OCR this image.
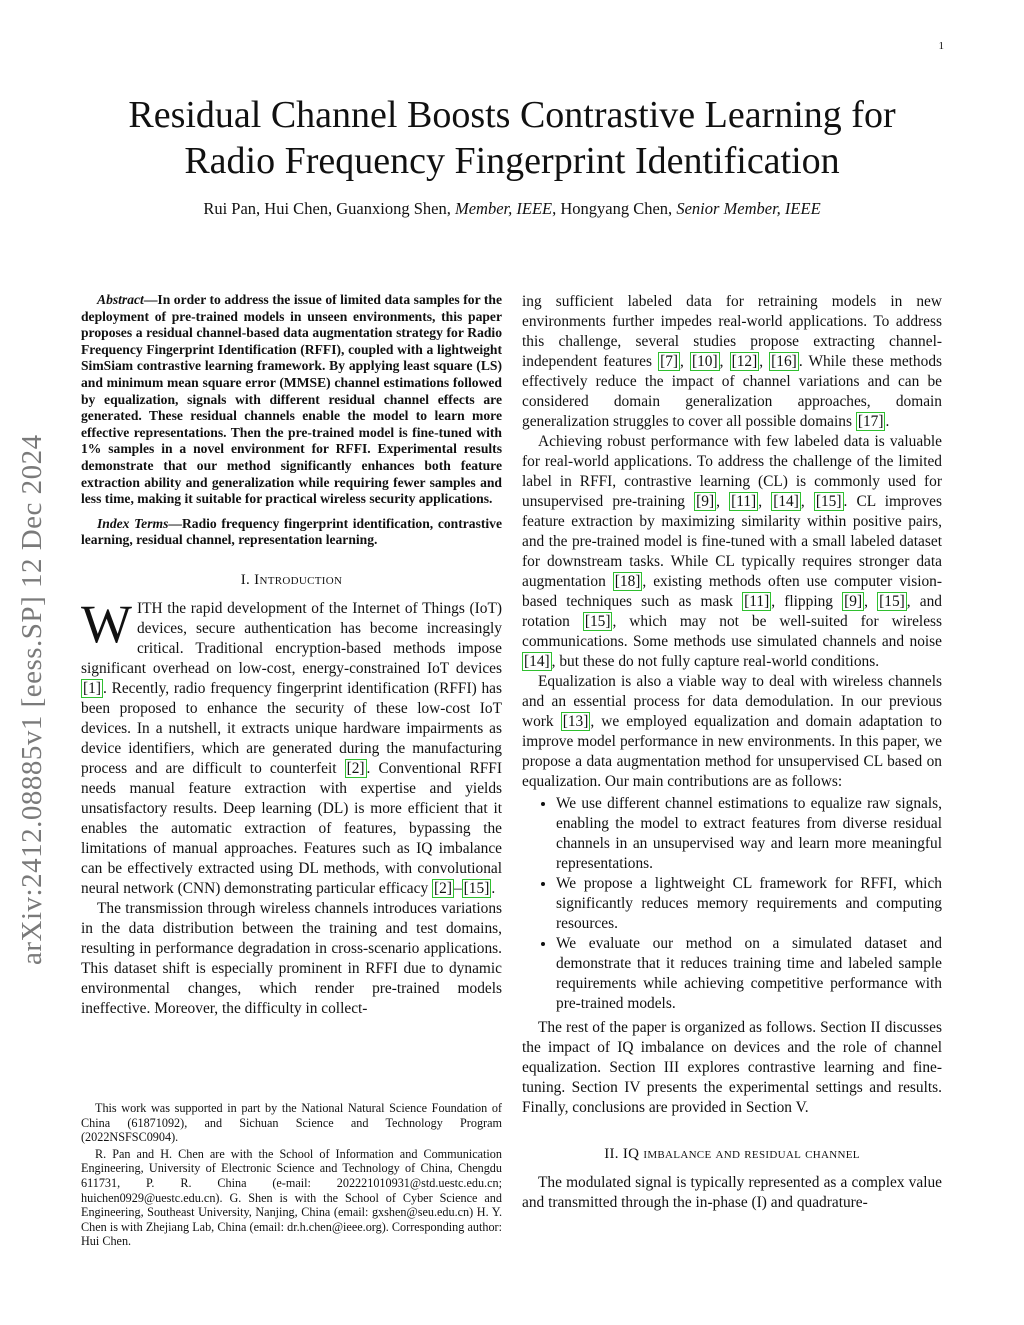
1
arXiv:2412.08885v1 [eess.SP] 12 Dec 2024
Residual Channel Boosts Contrastive Learning for
Radio Frequency Fingerprint Identification
Rui Pan, Hui Chen, Guanxiong Shen, Member, IEEE, Hongyang Chen, Senior Member, IEEE

Abstract—In order to address the issue of limited data samples for the deployment of pre-trained models in unseen environments, this paper proposes a residual channel-based data augmentation strategy for Radio Frequency Fingerprint Identification (RFFI), coupled with a lightweight SimSiam contrastive learning framework. By applying least square (LS) and minimum mean square error (MMSE) channel estimations followed by equalization, signals with different residual channel effects are generated. These residual channels enable the model to learn more effective representations. Then the pre-trained model is fine-tuned with 1% samples in a novel environment for RFFI. Experimental results demonstrate that our method significantly enhances both feature extraction ability and generalization while requiring fewer samples and less time, making it suitable for practical wireless security applications.

Index Terms—Radio frequency fingerprint identification, contrastive learning, residual channel, representation learning.

I. Introduction

WITH the rapid development of the Internet of Things (IoT) devices, secure authentication has become increasingly critical. Traditional encryption-based methods impose significant overhead on low-cost, energy-constrained IoT devices [1] . Recently, radio frequency fingerprint identification (RFFI) has been proposed to enhance the security of these low-cost IoT devices. In a nutshell, it extracts unique hardware impairments as device identifiers, which are generated during the manufacturing process and are difficult to counterfeit [2] . Conventional RFFI needs manual feature extraction with expertise and yields unsatisfactory results. Deep learning (DL) is more efficient that it enables the automatic extraction of features, bypassing the limitations of manual approaches. Features such as IQ imbalance can be effectively extracted using DL methods, with convolutional neural network (CNN) demonstrating particular efficacy [2] – [15] .

The transmission through wireless channels introduces variations in the data distribution between the training and test domains, resulting in performance degradation in cross-scenario applications. This dataset shift is especially prominent in RFFI due to dynamic environmental changes, which render pre-trained models ineffective. Moreover, the difficulty in collect-

This work was supported in part by the National Natural Science Foundation of China (61871092), and Sichuan Science and Technology Program (2022NSFSC0904).

R. Pan and H. Chen are with the School of Information and Communication Engineering, University of Electronic Science and Technology of China, Chengdu 611731, P. R. China (e-mail: 202221010931@std.uestc.edu.cn; huichen0929@uestc.edu.cn). G. Shen is with the School of Cyber Science and Engineering, Southeast University, Nanjing, China (email: gxshen@seu.edu.cn) H. Y. Chen is with Zhejiang Lab, China (email: dr.h.chen@ieee.org). Corresponding author: Hui Chen.

ing sufficient labeled data for retraining models in new environments further impedes real-world applications. To address this challenge, several studies propose extracting channel-independent features [7] , [10] , [12] , [16] . While these methods effectively reduce the impact of channel variations and can be considered domain generalization approaches, domain generalization struggles to cover all possible domains [17] .

Achieving robust performance with few labeled data is valuable for real-world applications. To address the challenge of the limited label in RFFI, contrastive learning (CL) is commonly used for unsupervised pre-training [9] , [11] , [14] , [15] . CL improves feature extraction by maximizing similarity within positive pairs, and the pre-trained model is fine-tuned with a small labeled dataset for downstream tasks. While CL typically requires stronger data augmentation [18] , existing methods often use computer vision-based techniques such as mask [11] , flipping [9] , [15] , and rotation [15] , which may not be well-suited for wireless communications. Some methods use simulated channels and noise [14] , but these do not fully capture real-world conditions.

Equalization is also a viable way to deal with wireless channels and an essential process for data demodulation. In our previous work [13] , we employed equalization and domain adaptation to improve model performance in new environments. In this paper, we propose a data augmentation method for unsupervised CL based on equalization. Our main contributions are as follows:

• We use different channel estimations to equalize raw signals, enabling the model to extract features from diverse residual channels in an unsupervised way and learn more meaningful representations.
• We propose a lightweight CL framework for RFFI, which significantly reduces memory requirements and computing resources.
• We evaluate our method on a simulated dataset and demonstrate that it reduces training time and labeled sample requirements while achieving competitive performance with pre-trained models.

The rest of the paper is organized as follows. Section II discusses the impact of IQ imbalance on devices and the role of channel equalization. Section III explores contrastive learning and fine-tuning. Section IV presents the experimental settings and results. Finally, conclusions are provided in Section V.

II. IQ imbalance and residual channel

The modulated signal is typically represented as a complex value and transmitted through the in-phase (I) and quadrature-
